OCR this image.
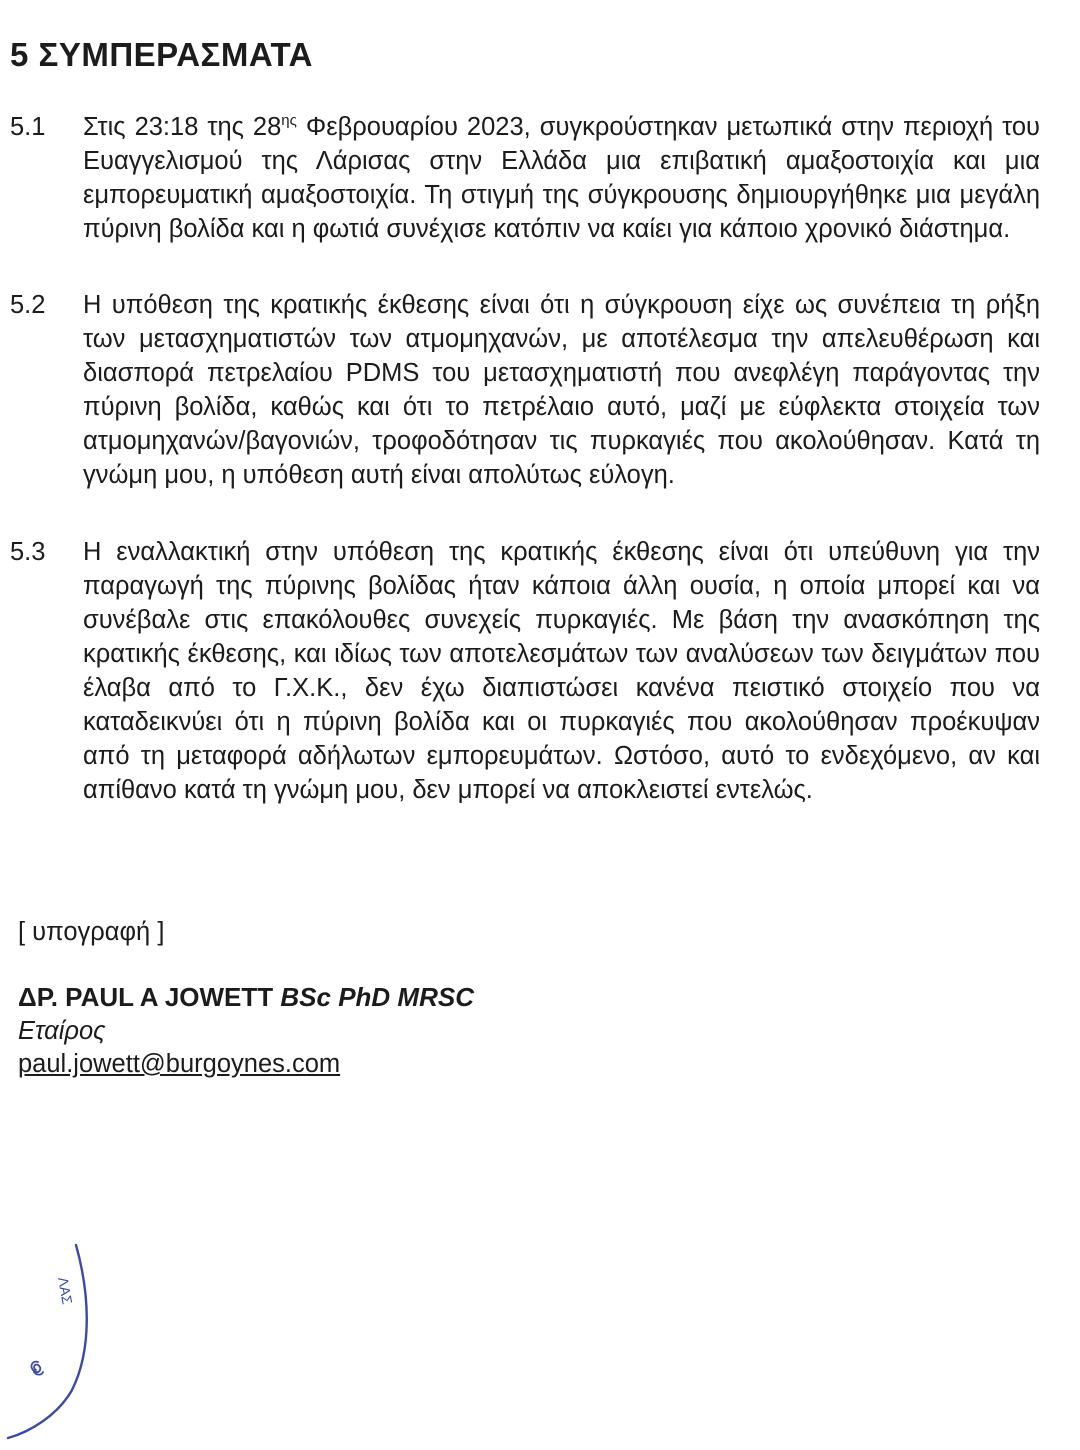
5 ΣΥΜΠΕΡΑΣΜΑΤΑ
5.1	Στις 23:18 της $28^{\eta\varsigma}$ Φεβρουαρίου 2023, συγκρούστηκαν μετωπικά στην περιοχή του Ευαγγελισμού της Λάρισας στην Ελλάδα μια επιβατική αμαξοστοιχία και μια εμπορευματική αμαξοστοιχία. Τη στιγμή της σύγκρουσης δημιουργήθηκε μια μεγάλη πύρινη βολίδα και η φωτιά συνέχισε κατόπιν να καίει για κάποιο χρονικό διάστημα.
5.2	Η υπόθεση της κρατικής έκθεσης είναι ότι η σύγκρουση είχε ως συνέπεια τη ρήξη των μετασχηματιστών των ατμομηχανών, με αποτέλεσμα την απελευθέρωση και διασπορά πετρελαίου PDMS του μετασχηματιστή που ανεφλέγη παράγοντας την πύρινη βολίδα, καθώς και ότι το πετρέλαιο αυτό, μαζί με εύφλεκτα στοιχεία των ατμομηχανών/βαγονιών, τροφοδότησαν τις πυρκαγιές που ακολούθησαν. Κατά τη γνώμη μου, η υπόθεση αυτή είναι απολύτως εύλογη.
5.3	Η εναλλακτική στην υπόθεση της κρατικής έκθεσης είναι ότι υπεύθυνη για την παραγωγή της πύρινης βολίδας ήταν κάποια άλλη ουσία, η οποία μπορεί και να συνέβαλε στις επακόλουθες συνεχείς πυρκαγιές. Με βάση την ανασκόπηση της κρατικής έκθεσης, και ιδίως των αποτελεσμάτων των αναλύσεων των δειγμάτων που έλαβα από το Γ.Χ.Κ., δεν έχω διαπιστώσει κανένα πειστικό στοιχείο που να καταδεικνύει ότι η πύρινη βολίδα και οι πυρκαγιές που ακολούθησαν προέκυψαν από τη μεταφορά αδήλωτων εμπορευμάτων. Ωστόσο, αυτό το ενδεχόμενο, αν και απίθανο κατά τη γνώμη μου, δεν μπορεί να αποκλειστεί εντελώς.
[ υπογραφή ]
ΔΡ. PAUL A JOWETT BSc PhD MRSC
Εταίρος
paul.jowett@burgoynes.com
ΛΑΣ
